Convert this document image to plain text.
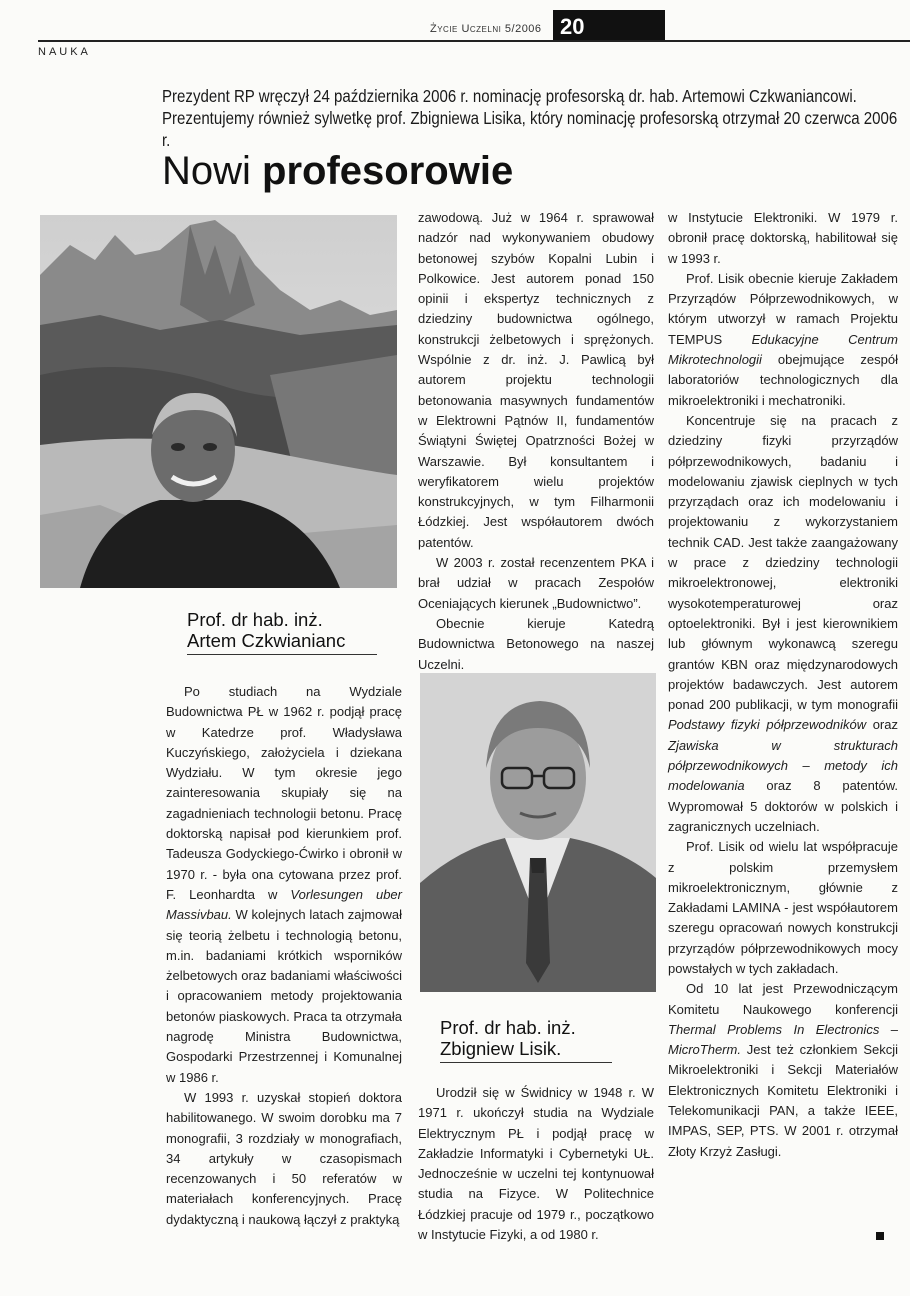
20
Życie Uczelni 5/2006
NAUKA
Prezydent RP wręczył 24 października 2006 r. nominację profesorską dr. hab. Artemowi Czkwaniancowi. Prezentujemy również sylwetkę prof. Zbigniewa Lisika, który nominację profesorską otrzymał 20 czerwca 2006 r.
Nowi profesorowie
Prof. dr hab. inż.
Artem Czkwianianc

Po studiach na Wydziale Budownictwa PŁ w 1962 r. podjął pracę w Katedrze prof. Władysława Kuczyńskiego, założyciela i dziekana Wydziału. W tym okresie jego zainteresowania skupiały się na zagadnieniach technologii betonu. Pracę doktorską napisał pod kierunkiem prof. Tadeusza Godyckiego-Ćwirko i obronił w 1970 r. - była ona cytowana przez prof. F. Leonhardta w Vorlesungen uber Massivbau. W kolejnych latach zajmował się teorią żelbetu i technologią betonu, m.in. badaniami krótkich wsporników żelbetowych oraz badaniami właściwości i opracowaniem metody projektowania betonów piaskowych. Praca ta otrzymała nagrodę Ministra Budownictwa, Gospodarki Przestrzennej i Komunalnej w 1986 r.

W 1993 r. uzyskał stopień doktora habilitowanego. W swoim dorobku ma 7 monografii, 3 rozdziały w monografiach, 34 artykuły w czasopismach recenzowanych i 50 referatów w materiałach konferencyjnych. Pracę dydaktyczną i naukową łączył z praktyką

zawodową. Już w 1964 r. sprawował nadzór nad wykonywaniem obudowy betonowej szybów Kopalni Lubin i Polkowice. Jest autorem ponad 150 opinii i ekspertyz technicznych z dziedziny budownictwa ogólnego, konstrukcji żelbetowych i sprężonych. Wspólnie z dr. inż. J. Pawlicą był autorem projektu technologii betonowania masywnych fundamentów w Elektrowni Pątnów II, fundamentów Świątyni Świętej Opatrzności Bożej w Warszawie. Był konsultantem i weryfikatorem wielu projektów konstrukcyjnych, w tym Filharmonii Łódzkiej. Jest współautorem dwóch patentów.

W 2003 r. został recenzentem PKA i brał udział w pracach Zespołów Oceniających kierunek „Budownictwo”.

Obecnie kieruje Katedrą Budownictwa Betonowego na naszej Uczelni.

Prof. dr hab. inż.
Zbigniew Lisik.

Urodził się w Świdnicy w 1948 r. W 1971 r. ukończył studia na Wydziale Elektrycznym PŁ i podjął pracę w Zakładzie Informatyki i Cybernetyki UŁ. Jednocześnie w uczelni tej kontynuował studia na Fizyce. W Politechnice Łódzkiej pracuje od 1979 r., początkowo w Instytucie Fizyki, a od 1980 r.

w Instytucie Elektroniki. W 1979 r. obronił pracę doktorską, habilitował się w 1993 r.

Prof. Lisik obecnie kieruje Zakładem Przyrządów Półprzewodnikowych, w którym utworzył w ramach Projektu TEMPUS Edukacyjne Centrum Mikrotechnologii obejmujące zespół laboratoriów technologicznych dla mikroelektroniki i mechatroniki.

Koncentruje się na pracach z dziedziny fizyki przyrządów półprzewodnikowych, badaniu i modelowaniu zjawisk cieplnych w tych przyrządach oraz ich modelowaniu i projektowaniu z wykorzystaniem technik CAD. Jest także zaangażowany w prace z dziedziny technologii mikroelektronowej, elektroniki wysokotemperaturowej oraz optoelektroniki. Był i jest kierownikiem lub głównym wykonawcą szeregu grantów KBN oraz międzynarodowych projektów badawczych. Jest autorem ponad 200 publikacji, w tym monografii Podstawy fizyki półprzewodników oraz Zjawiska w strukturach półprzewodnikowych – metody ich modelowania oraz 8 patentów. Wypromował 5 doktorów w polskich i zagranicznych uczelniach.

Prof. Lisik od wielu lat współpracuje z polskim przemysłem mikroelektronicznym, głównie z Zakładami LAMINA - jest współautorem szeregu opracowań nowych konstrukcji przyrządów półprzewodnikowych mocy powstałych w tych zakładach.

Od 10 lat jest Przewodniczącym Komitetu Naukowego konferencji Thermal Problems In Electronics – MicroTherm. Jest też członkiem Sekcji Mikroelektroniki i Sekcji Materiałów Elektronicznych Komitetu Elektroniki i Telekomunikacji PAN, a także IEEE, IMPAS, SEP, PTS. W 2001 r. otrzymał Złoty Krzyż Zasługi.
